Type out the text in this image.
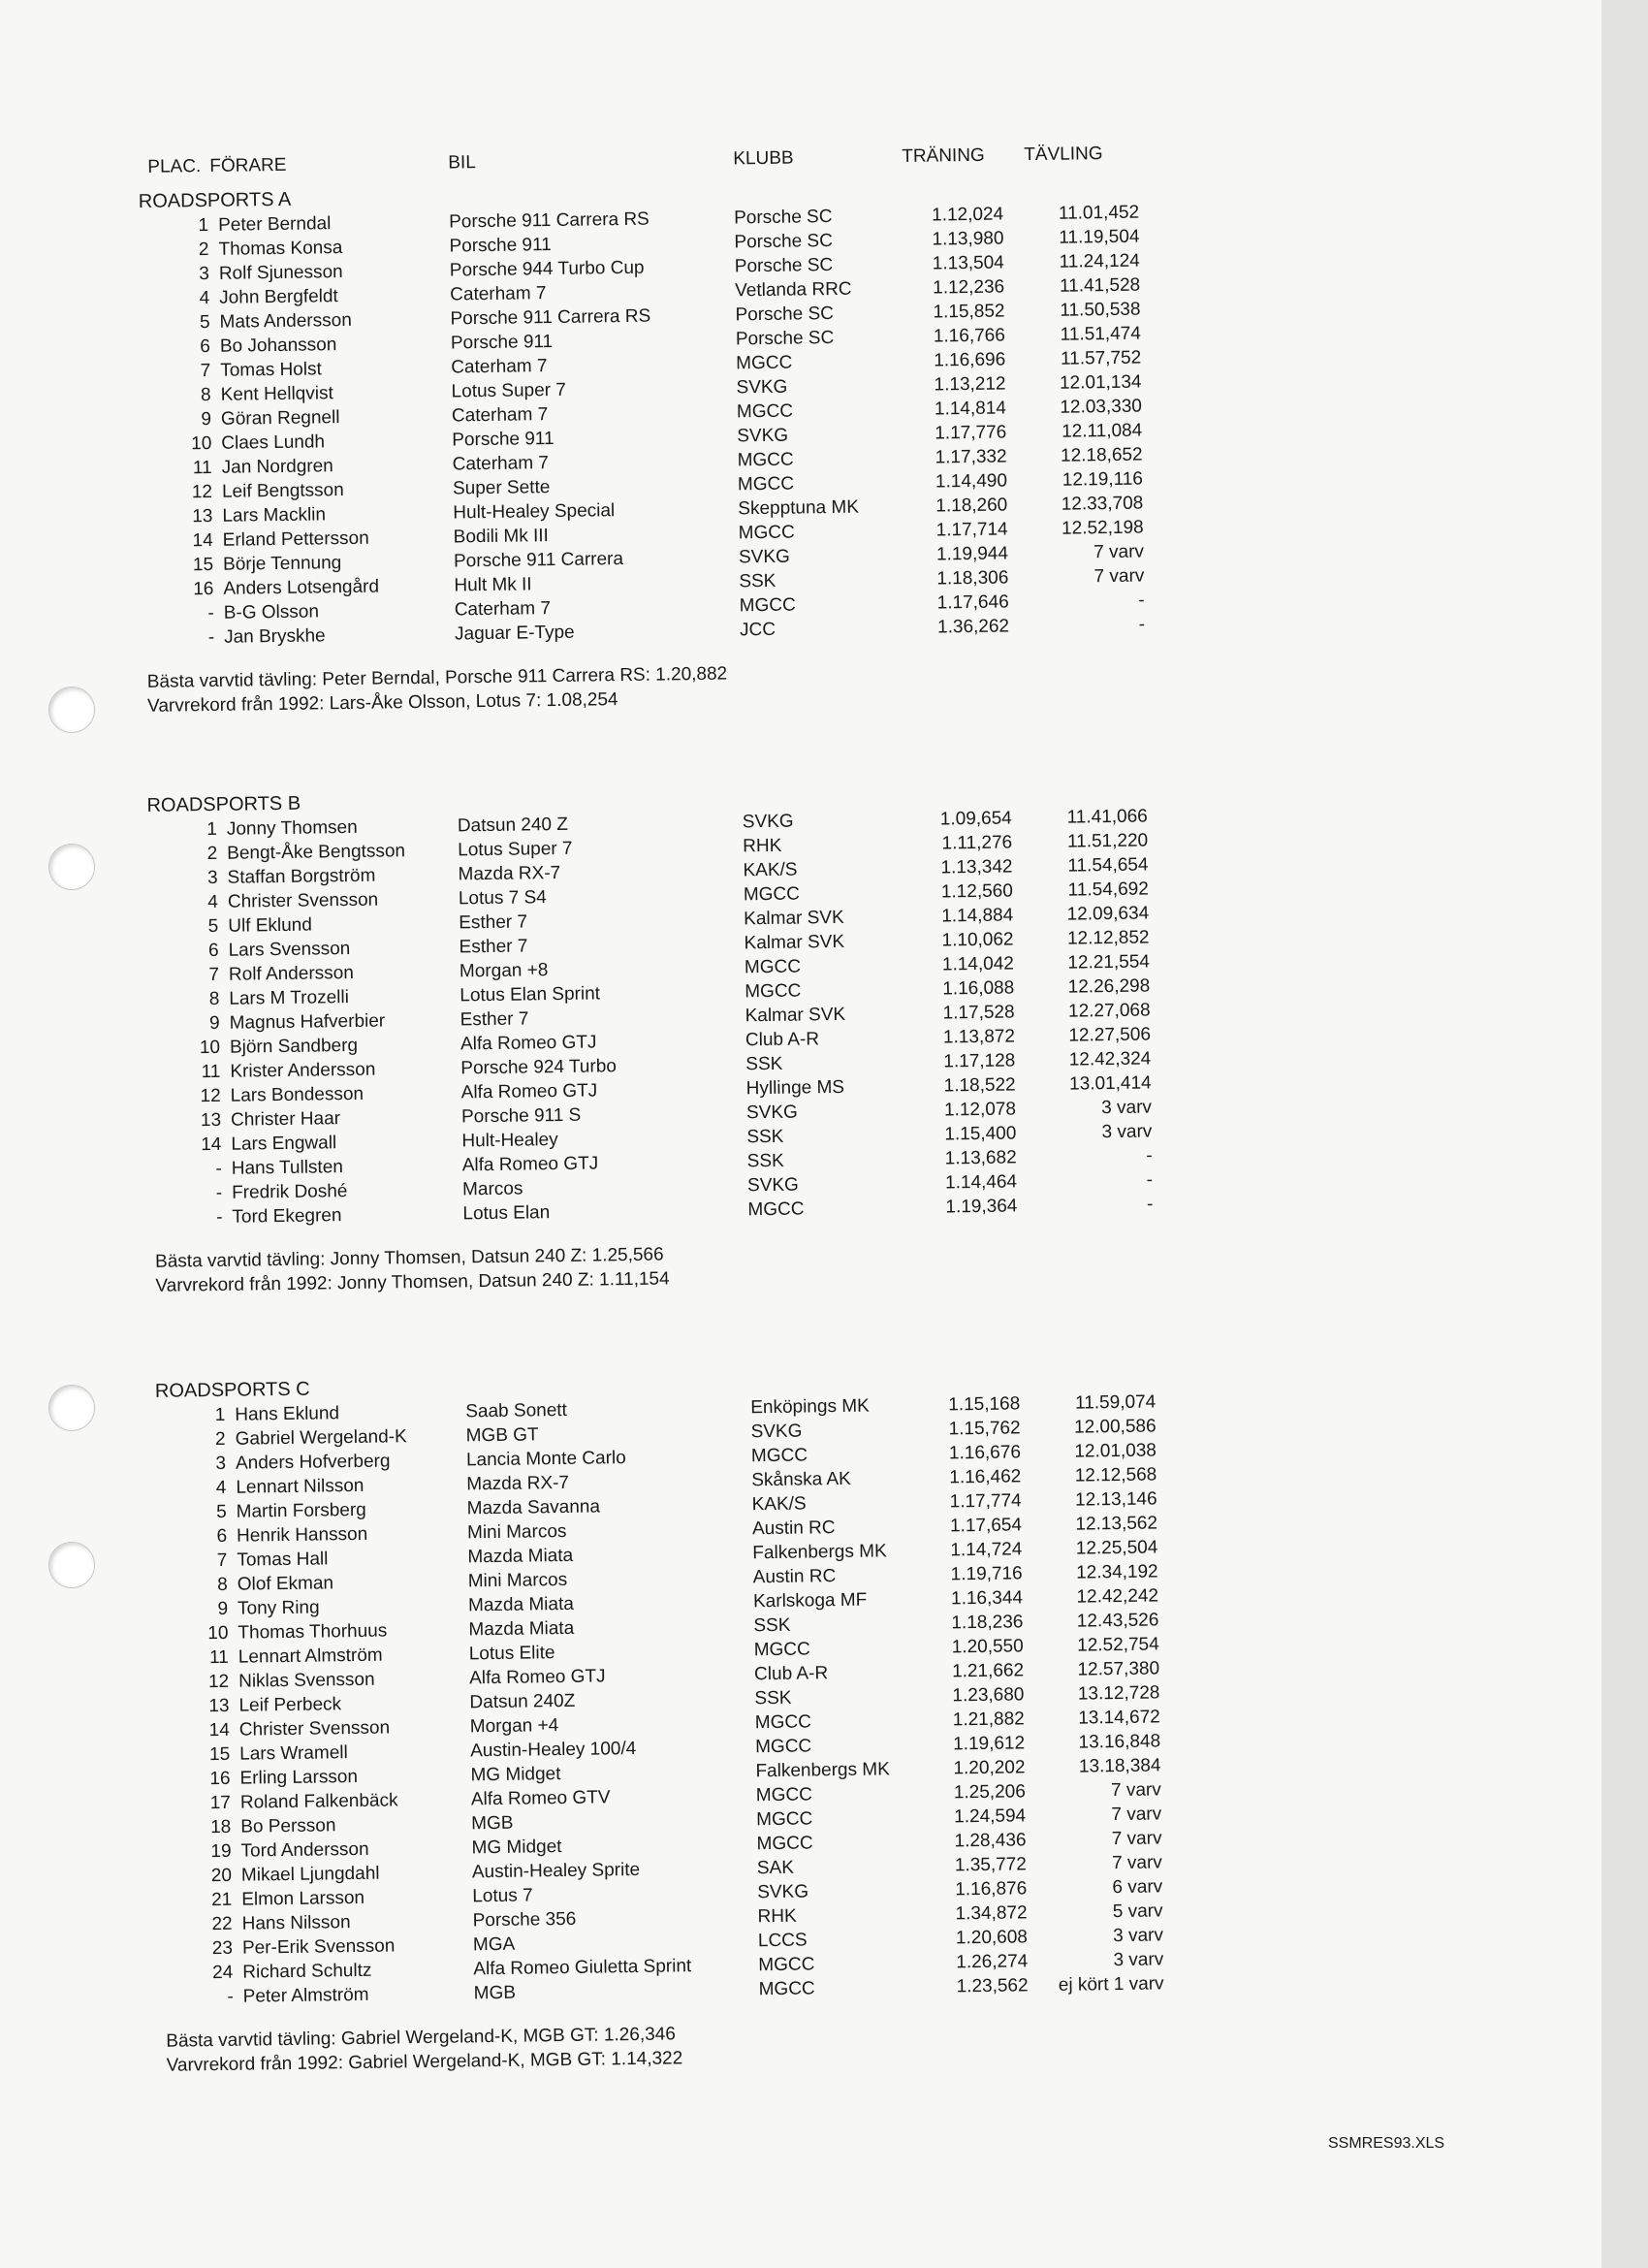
PLAC. FÖRARE	BIL	KLUBB	TRÄNING TÄVLING
ROADSPORTS A
1 Peter Berndal	Porsche 911 Carrera RS	Porsche SC	1.12,024	11.01,452
2 Thomas Konsa	Porsche 911	Porsche SC	1.13,980	11.19,504
3 Rolf Sjunesson	Porsche 944 Turbo Cup	Porsche SC	1.13,504	11.24,124
4 John Bergfeldt	Caterham 7	Vetlanda RRC	1.12,236	11.41,528
5 Mats Andersson	Porsche 911 Carrera RS	Porsche SC	1.15,852	11.50,538
6 Bo Johansson	Porsche 911	Porsche SC	1.16,766	11.51,474
7 Tomas Holst	Caterham 7	MGCC	1.16,696	11.57,752
8 Kent Hellqvist	Lotus Super 7	SVKG	1.13,212	12.01,134
9 Göran Regnell	Caterham 7	MGCC	1.14,814	12.03,330
10 Claes Lundh	Porsche 911	SVKG	1.17,776	12.11,084
11 Jan Nordgren	Caterham 7	MGCC	1.17,332	12.18,652
12 Leif Bengtsson	Super Sette	MGCC	1.14,490	12.19,116
13 Lars Macklin	Hult-Healey Special	Skepptuna MK	1.18,260	12.33,708
14 Erland Pettersson	Bodili Mk III	MGCC	1.17,714	12.52,198
15 Börje Tennung	Porsche 911 Carrera	SVKG	1.19,944	7 varv
16 Anders Lotsengård	Hult Mk II	SSK	1.18,306	7 varv
- B-G Olsson	Caterham 7	MGCC	1.17,646	-
- Jan Bryskhe	Jaguar E-Type	JCC	1.36,262	-
Bästa varvtid tävling: Peter Berndal, Porsche 911 Carrera RS: 1.20,882
Varvrekord från 1992: Lars-Åke Olsson, Lotus 7: 1.08,254
ROADSPORTS B
1 Jonny Thomsen	Datsun 240 Z	SVKG	1.09,654	11.41,066
2 Bengt-Åke Bengtsson	Lotus Super 7	RHK	1.11,276	11.51,220
3 Staffan Borgström	Mazda RX-7	KAK/S	1.13,342	11.54,654
4 Christer Svensson	Lotus 7 S4	MGCC	1.12,560	11.54,692
5 Ulf Eklund	Esther 7	Kalmar SVK	1.14,884	12.09,634
6 Lars Svensson	Esther 7	Kalmar SVK	1.10,062	12.12,852
7 Rolf Andersson	Morgan +8	MGCC	1.14,042	12.21,554
8 Lars M Trozelli	Lotus Elan Sprint	MGCC	1.16,088	12.26,298
9 Magnus Hafverbier	Esther 7	Kalmar SVK	1.17,528	12.27,068
10 Björn Sandberg	Alfa Romeo GTJ	Club A-R	1.13,872	12.27,506
11 Krister Andersson	Porsche 924 Turbo	SSK	1.17,128	12.42,324
12 Lars Bondesson	Alfa Romeo GTJ	Hyllinge MS	1.18,522	13.01,414
13 Christer Haar	Porsche 911 S	SVKG	1.12,078	3 varv
14 Lars Engwall	Hult-Healey	SSK	1.15,400	3 varv
- Hans Tullsten	Alfa Romeo GTJ	SSK	1.13,682	-
- Fredrik Doshé	Marcos	SVKG	1.14,464	-
- Tord Ekegren	Lotus Elan	MGCC	1.19,364	-
Bästa varvtid tävling: Jonny Thomsen, Datsun 240 Z: 1.25,566
Varvrekord från 1992: Jonny Thomsen, Datsun 240 Z: 1.11,154
ROADSPORTS C
1 Hans Eklund	Saab Sonett	Enköpings MK	1.15,168	11.59,074
2 Gabriel Wergeland-K	MGB GT	SVKG	1.15,762	12.00,586
3 Anders Hofverberg	Lancia Monte Carlo	MGCC	1.16,676	12.01,038
4 Lennart Nilsson	Mazda RX-7	Skånska AK	1.16,462	12.12,568
5 Martin Forsberg	Mazda Savanna	KAK/S	1.17,774	12.13,146
6 Henrik Hansson	Mini Marcos	Austin RC	1.17,654	12.13,562
7 Tomas Hall	Mazda Miata	Falkenbergs MK	1.14,724	12.25,504
8 Olof Ekman	Mini Marcos	Austin RC	1.19,716	12.34,192
9 Tony Ring	Mazda Miata	Karlskoga MF	1.16,344	12.42,242
10 Thomas Thorhuus	Mazda Miata	SSK	1.18,236	12.43,526
11 Lennart Almström	Lotus Elite	MGCC	1.20,550	12.52,754
12 Niklas Svensson	Alfa Romeo GTJ	Club A-R	1.21,662	12.57,380
13 Leif Perbeck	Datsun 240Z	SSK	1.23,680	13.12,728
14 Christer Svensson	Morgan +4	MGCC	1.21,882	13.14,672
15 Lars Wramell	Austin-Healey 100/4	MGCC	1.19,612	13.16,848
16 Erling Larsson	MG Midget	Falkenbergs MK	1.20,202	13.18,384
17 Roland Falkenbäck	Alfa Romeo GTV	MGCC	1.25,206	7 varv
18 Bo Persson	MGB	MGCC	1.24,594	7 varv
19 Tord Andersson	MG Midget	MGCC	1.28,436	7 varv
20 Mikael Ljungdahl	Austin-Healey Sprite	SAK	1.35,772	7 varv
21 Elmon Larsson	Lotus 7	SVKG	1.16,876	6 varv
22 Hans Nilsson	Porsche 356	RHK	1.34,872	5 varv
23 Per-Erik Svensson	MGA	LCCS	1.20,608	3 varv
24 Richard Schultz	Alfa Romeo Giuletta Sprint	MGCC	1.26,274	3 varv
- Peter Almström	MGB	MGCC	1.23,562	ej kört 1 varv
Bästa varvtid tävling: Gabriel Wergeland-K, MGB GT: 1.26,346
Varvrekord från 1992: Gabriel Wergeland-K, MGB GT: 1.14,322
SSMRES93.XLS
